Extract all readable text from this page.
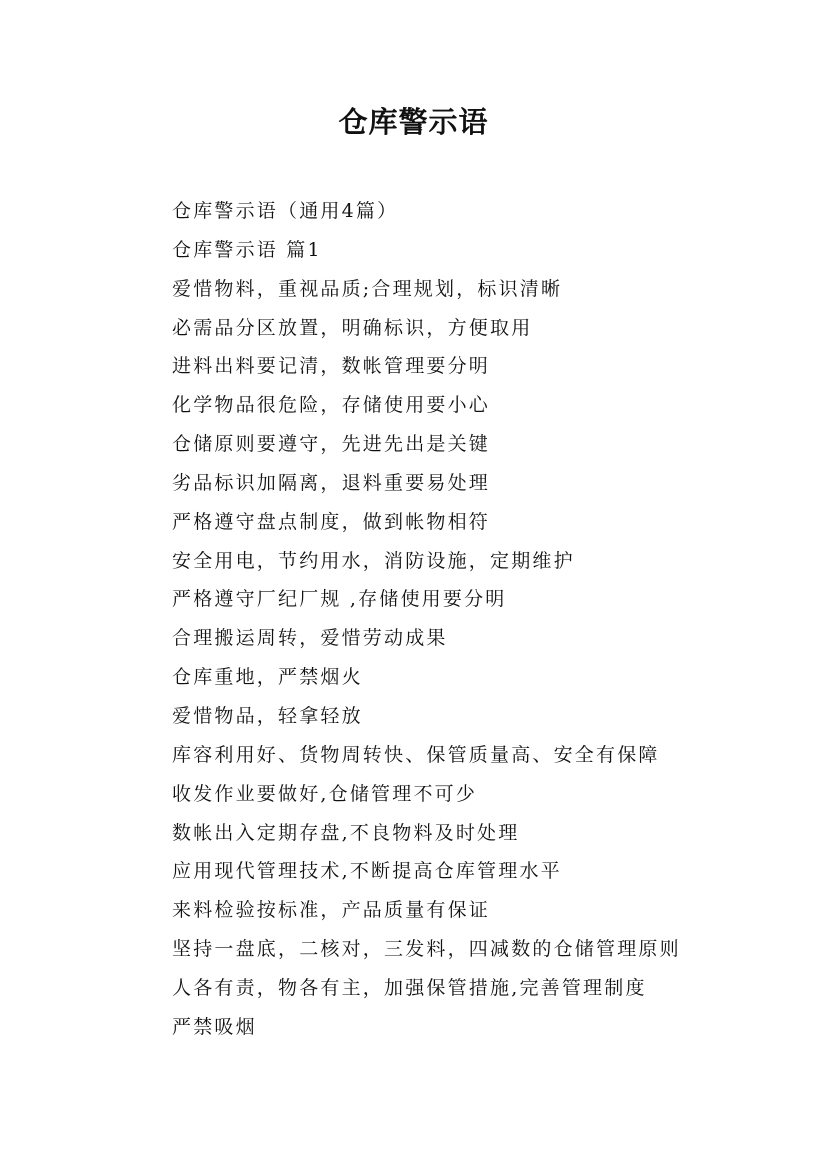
仓库警示语
仓库警示语（通用4篇）
仓库警示语 篇1
爱惜物料，重视品质;合理规划，标识清晰
必需品分区放置，明确标识，方便取用
进料出料要记清，数帐管理要分明
化学物品很危险，存储使用要小心
仓储原则要遵守，先进先出是关键
劣品标识加隔离，退料重要易处理
严格遵守盘点制度，做到帐物相符
安全用电，节约用水，消防设施，定期维护
严格遵守厂纪厂规 ,存储使用要分明
合理搬运周转，爱惜劳动成果
仓库重地，严禁烟火
爱惜物品，轻拿轻放
库容利用好、货物周转快、保管质量高、安全有保障
收发作业要做好,仓储管理不可少
数帐出入定期存盘,不良物料及时处理
应用现代管理技术,不断提高仓库管理水平
来料检验按标准，产品质量有保证
坚持一盘底，二核对，三发料，四减数的仓储管理原则
人各有责，物各有主，加强保管措施,完善管理制度
严禁吸烟
